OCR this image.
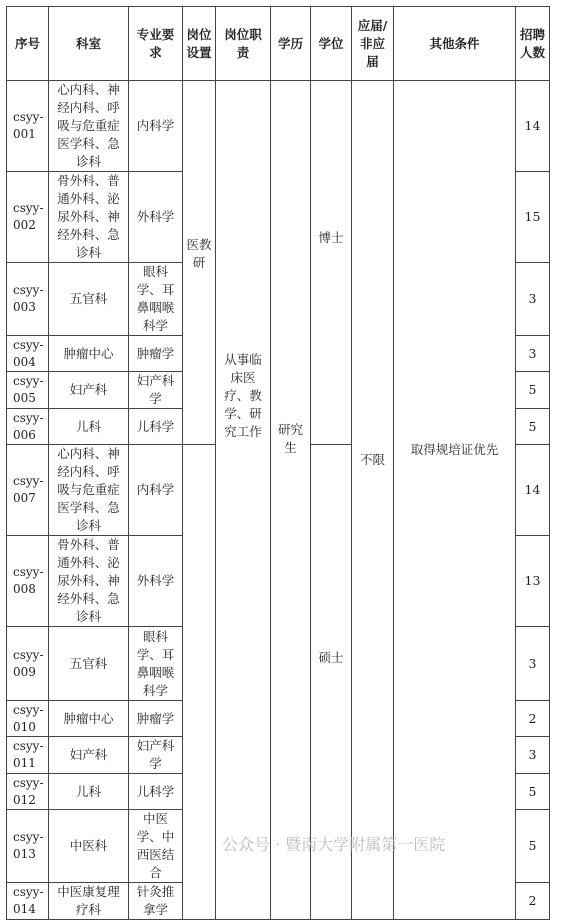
序号	科室	专业要求	岗位设置	岗位职责	学历	学位	应届/非应届	其他条件	招聘人数
csyy-001	心内科、神经内科、呼吸与危重症医学科、急诊科	内科学	医教研	从事临床医疗、教学、研究工作	研究生	博士	不限	取得规培证优先	14
csyy-002	骨外科、普通外科、泌尿外科、神经外科、急诊科	外科学							15
csyy-003	五官科	眼科学、耳鼻咽喉科学							3
csyy-004	肿瘤中心	肿瘤学							3
csyy-005	妇产科	妇产科学							5
csyy-006	儿科	儿科学							5
csyy-007	心内科、神经内科、呼吸与危重症医学科、急诊科	内科学				硕士			14
csyy-008	骨外科、普通外科、泌尿外科、神经外科、急诊科	外科学							13
csyy-009	五官科	眼科学、耳鼻咽喉科学							3
csyy-010	肿瘤中心	肿瘤学							2
csyy-011	妇产科	妇产科学							3
csyy-012	儿科	儿科学							5
csyy-013	中医科	中医学、中西医结合							5
csyy-014	中医康复理疗科	针灸推拿学							2
公众号 · 暨南大学附属第一医院
